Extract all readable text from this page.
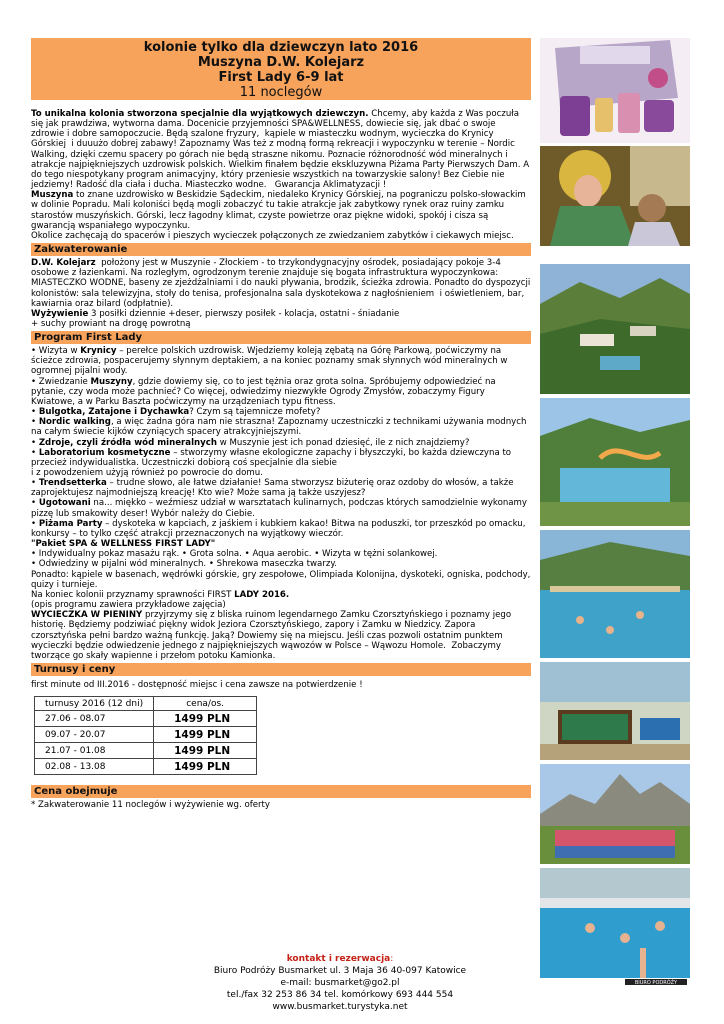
kolonie tylko dla dziewczyn lato 2016
Muszyna D.W. Kolejarz
First Lady 6-9 lat
11 noclegów

To unikalna kolonia stworzona specjalnie dla wyjątkowych dziewczyn. Chcemy, aby każda z Was poczuła się jak prawdziwa, wytworna dama. Docenicie przyjemności SPA&WELLNESS, dowiecie się, jak dbać o swoje zdrowie i dobre samopoczucie. Będą szalone fryzury,  kąpiele w miasteczku wodnym, wycieczka do Krynicy Górskiej  i duuużo dobrej zabawy! Zapoznamy Was też z modną formą rekreacji i wypoczynku w terenie – Nordic Walking, dzięki czemu spacery po górach nie będą straszne nikomu. Poznacie różnorodność wód mineralnych i atrakcje najpiękniejszych uzdrowisk polskich. Wielkim finałem będzie ekskluzywna Piżama Party Pierwszych Dam. A do tego niespotykany program animacyjny, który przeniesie wszystkich na towarzyskie salony! Bez Ciebie nie jedziemy! Radość dla ciała i ducha. Miasteczko wodne.   Gwarancja Aklimatyzacji !

Muszyna to znane uzdrowisko w Beskidzie Sądeckim, niedaleko Krynicy Górskiej, na pograniczu polsko-słowackim w dolinie Popradu. Mali koloniści będą mogli zobaczyć tu takie atrakcje jak zabytkowy rynek oraz ruiny zamku starostów muszyńskich. Górski, lecz łagodny klimat, czyste powietrze oraz piękne widoki, spokój i cisza są gwarancją wspaniałego wypoczynku.
Okolice zachęcają do spacerów i pieszych wycieczek połączonych ze zwiedzaniem zabytków i ciekawych miejsc.

Zakwaterowanie

D.W. Kolejarz  położony jest w Muszynie - Złockiem - to trzykondygnacyjny ośrodek, posiadający pokoje 3-4 osobowe z łazienkami. Na rozległym, ogrodzonym terenie znajduje się bogata infrastruktura wypoczynkowa: MIASTECZKO WODNE, baseny ze zjeżdżalniami i do nauki pływania, brodzik, ścieżka zdrowia. Ponadto do dyspozycji kolonistów: sala telewizyjna, stoły do tenisa, profesjonalna sala dyskotekowa z nagłośnieniem  i oświetleniem, bar, kawiarnia oraz bilard (odpłatnie).

Wyżywienie 3 posiłki dziennie +deser, pierwszy posiłek - kolacja, ostatni - śniadanie
+ suchy prowiant na drogę powrotną

Program First Lady

• Wizyta w Krynicy – perełce polskich uzdrowisk. Wjedziemy koleją zębatą na Górę Parkową, poćwiczymy na ścieżce zdrowia, pospacerujemy słynnym deptakiem, a na koniec poznamy smak słynnych wód mineralnych w ogromnej pijalni wody.

• Zwiedzanie Muszyny, gdzie dowiemy się, co to jest tężnia oraz grota solna. Spróbujemy odpowiedzieć na pytanie, czy woda może pachnieć? Co więcej, odwiedzimy niezwykłe Ogrody Zmysłów, zobaczymy Figury Kwiatowe, a w Parku Baszta poćwiczymy na urządzeniach typu fitness.

• Bulgotka, Zatajone i Dychawka? Czym są tajemnicze mofety?

• Nordic walking, a więc żadna góra nam nie straszna! Zapoznamy uczestniczki z technikami używania modnych na całym świecie kijków czyniących spacery atrakcyjniejszymi.

• Zdroje, czyli źródła wód mineralnych w Muszynie jest ich ponad dziesięć, ile z nich znajdziemy?

• Laboratorium kosmetyczne – stworzymy własne ekologiczne zapachy i błyszczyki, bo każda dziewczyna to przecież indywidualistka. Uczestniczki dobiorą coś specjalnie dla siebie
i z powodzeniem użyją również po powrocie do domu.

• Trendsetterka – trudne słowo, ale łatwe działanie! Sama stworzysz biżuterię oraz ozdoby do włosów, a także zaprojektujesz najmodniejszą kreację! Kto wie? Może sama ją także uszyjesz?

• Ugotowani na... miękko – weźmiesz udział w warsztatach kulinarnych, podczas których samodzielnie wykonamy pizzę lub smakowity deser! Wybór należy do Ciebie.

• Piżama Party – dyskoteka w kapciach, z jaśkiem i kubkiem kakao! Bitwa na poduszki, tor przeszkód po omacku, konkursy – to tylko część atrakcji przeznaczonych na wyjątkowy wieczór.

"Pakiet SPA & WELLNESS FIRST LADY"

• Indywidualny pokaz masażu rąk. • Grota solna. • Aqua aerobic. • Wizyta w tężni solankowej.
• Odwiedziny w pijalni wód mineralnych. • Shrekowa maseczka twarzy.
Ponadto: kąpiele w basenach, wędrówki górskie, gry zespołowe, Olimpiada Kolonijna, dyskoteki, ogniska, podchody, quizy i turnieje.
Na koniec kolonii przyznamy sprawności FIRST LADY 2016.
(opis programu zawiera przykładowe zajęcia)

WYCIECZKA W PIENINY przyjrzymy się z bliska ruinom legendarnego Zamku Czorsztyńskiego i poznamy jego historię. Będziemy podziwiać piękny widok Jeziora Czorsztyńskiego, zapory i Zamku w Niedzicy. Zapora czorsztyńska pełni bardzo ważną funkcję. Jaką? Dowiemy się na miejscu. Jeśli czas pozwoli ostatnim punktem wycieczki będzie odwiedzenie jednego z najpiękniejszych wąwozów w Polsce – Wąwozu Homole.  Zobaczymy tworzące go skały wapienne i przełom potoku Kamionka.

Turnusy i ceny

first minute od III.2016 - dostępność miejsc i cena zawsze na potwierdzenie !

turnusy 2016 (12 dni)	cena/os.
27.06 - 08.07	1499 PLN
09.07 - 20.07	1499 PLN
21.07 - 01.08	1499 PLN
02.08 - 13.08	1499 PLN
Cena obejmuje

* Zakwaterowanie 11 noclegów i wyżywienie wg. oferty

kontakt i rezerwacja:
Biuro Podróży Busmarket ul. 3 Maja 36 40-097 Katowice
e-mail: busmarket@go2.pl
tel./fax 32 253 86 34 tel. komórkowy 693 444 554
www.busmarket.turystyka.net
BIURO PODRÓŻY
